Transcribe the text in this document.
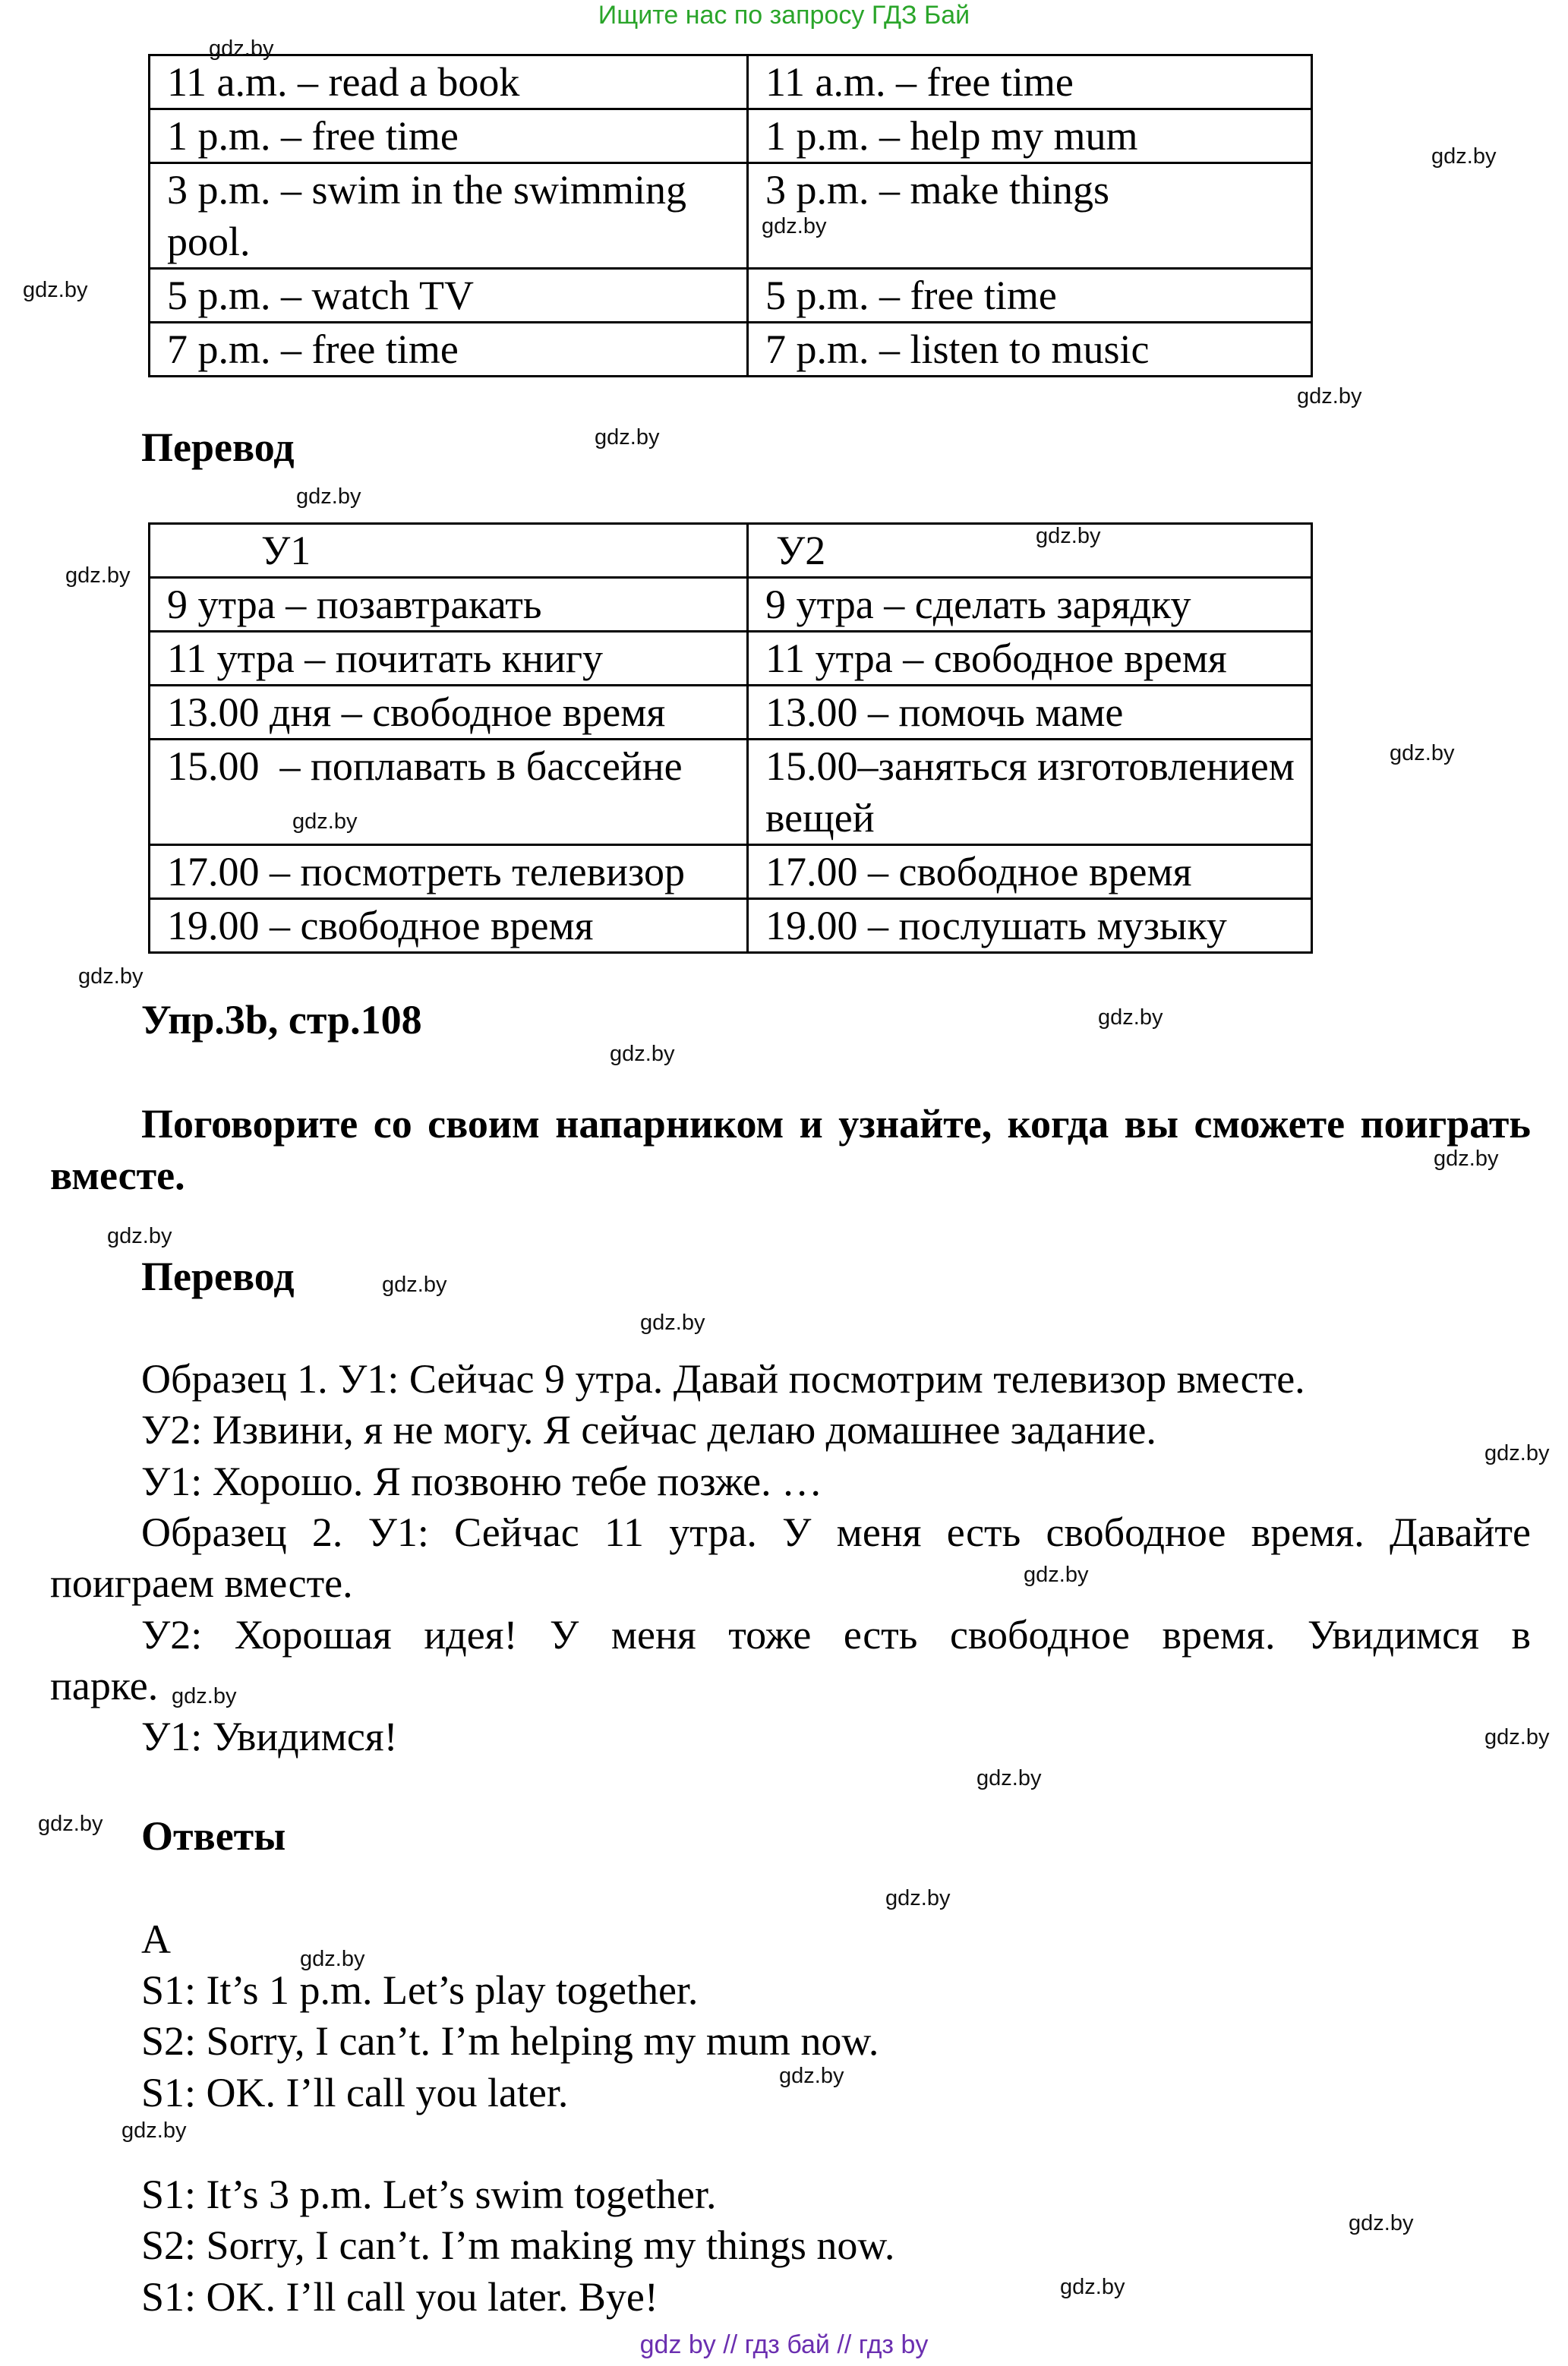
Ищите нас по запросу ГДЗ Бай
11 a.m. – read a book	11 a.m. – free time
1 p.m. – free time	1 p.m. – help my mum
3 p.m. – swim in the swimming pool.	3 p.m. – make things
5 p.m. – watch TV	5 p.m. – free time
7 p.m. – free time	7 p.m. – listen to music
Перевод
У1	У2
9 утра – позавтракать	9 утра – сделать зарядку
11 утра – почитать книгу	11 утра – свободное время
13.00 дня – свободное время	13.00 – помочь маме
15.00  – поплавать в бассейне	15.00–заняться изготовлением вещей
17.00 – посмотреть телевизор	17.00 – свободное время
19.00 – свободное время	19.00 – послушать музыку
Упр.3b, стр.108
Поговорите со своим напарником и узнайте, когда вы сможете поиграть вместе.
Перевод
Образец 1. У1: Сейчас 9 утра. Давай посмотрим телевизор вместе.
У2: Извини, я не могу. Я сейчас делаю домашнее задание.
У1: Хорошо. Я позвоню тебе позже. …
Образец 2. У1: Сейчас 11 утра. У меня есть свободное время. Давайте
поиграем вместе.
У2: Хорошая идея! У меня тоже есть свободное время. Увидимся в
парке.
У1: Увидимся!
Ответы
A
S1: It’s 1 p.m. Let’s play together.
S2: Sorry, I can’t. I’m helping my mum now.
S1: OK. I’ll call you later.
S1: It’s 3 p.m. Let’s swim together.
S2: Sorry, I can’t. I’m making my things now.
S1: OK. I’ll call you later. Bye!
gdz.by
gdz.by
gdz.by
gdz.by
gdz.by
gdz.by
gdz.by
gdz.by
gdz.by
gdz.by
gdz.by
gdz.by
gdz.by
gdz.by
gdz.by
gdz.by
gdz.by
gdz.by
gdz.by
gdz.by
gdz.by
gdz.by
gdz.by
gdz.by
gdz.by
gdz.by
gdz.by
gdz.by
gdz.by
gdz.by
gdz by // гдз бай // гдз by
